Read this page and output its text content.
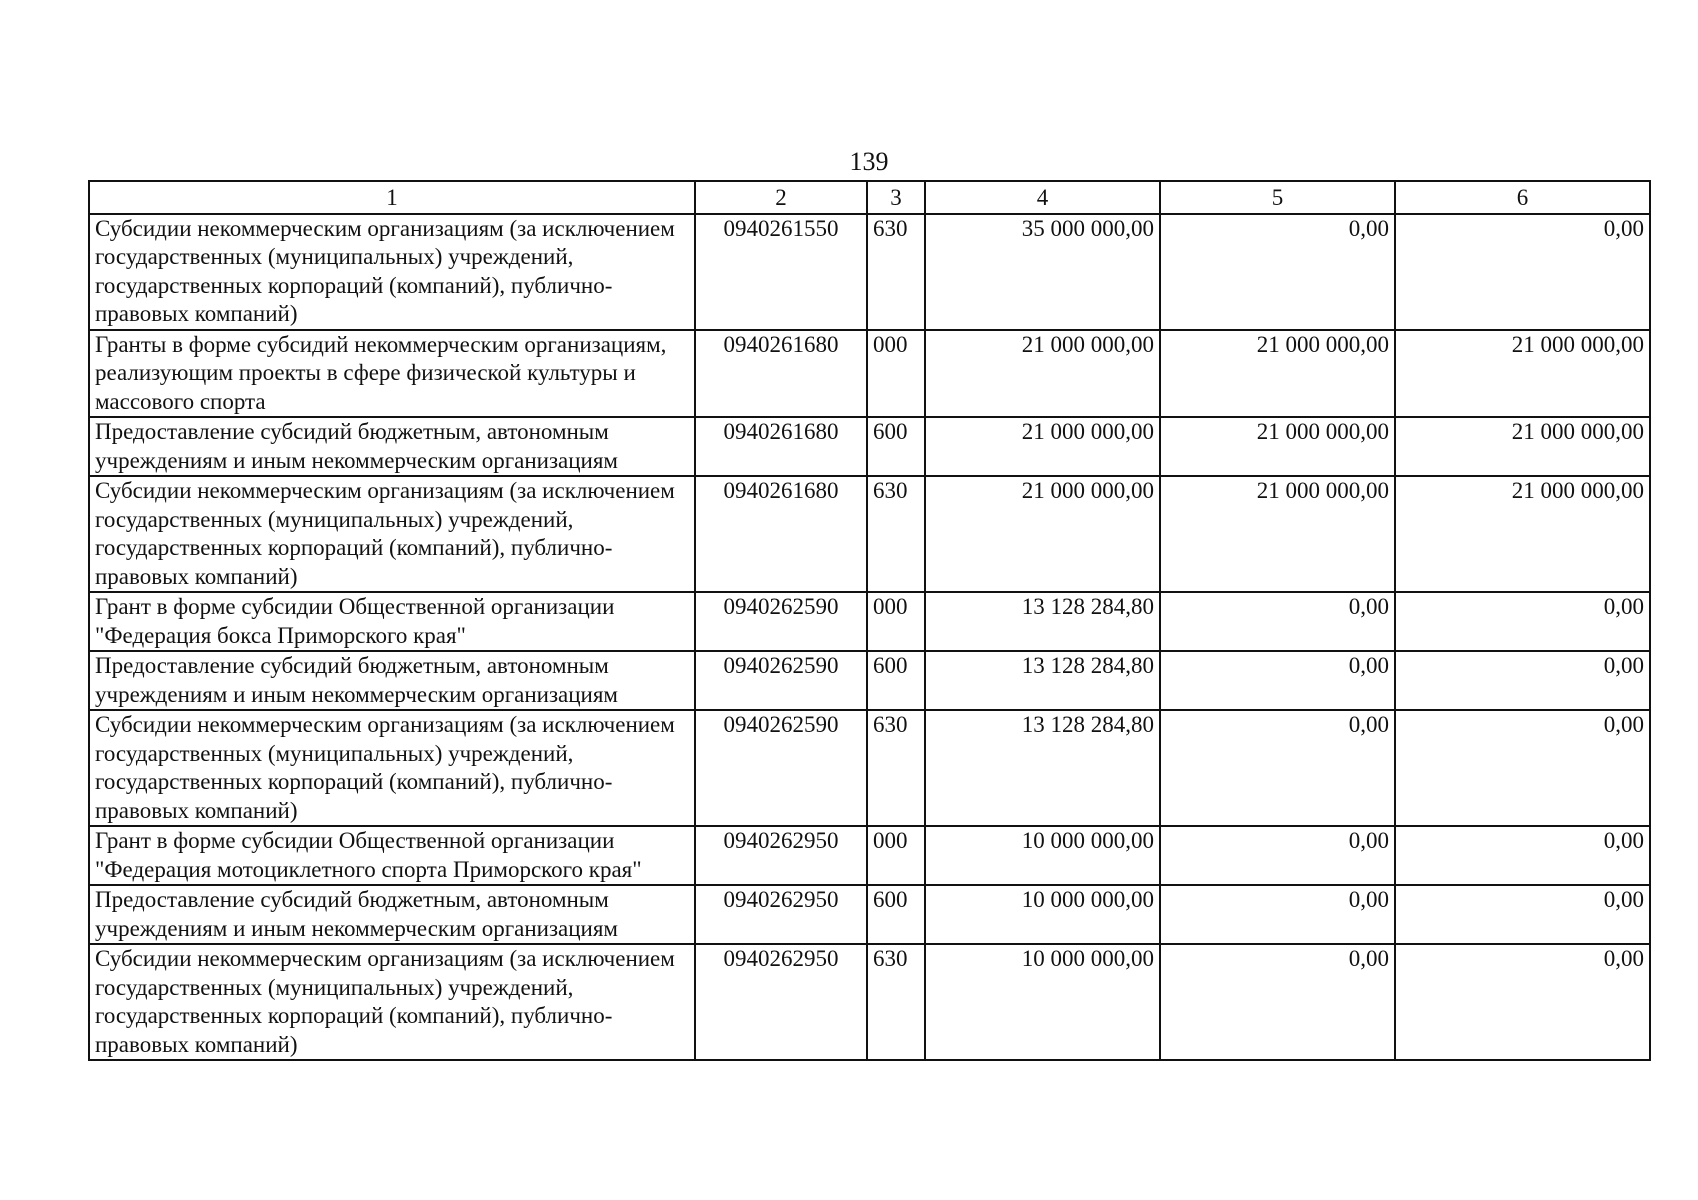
139
1	2	3	4	5	6
Субсидии некоммерческим организациям (за исключением государственных (муниципальных) учреждений, государственных корпораций (компаний), публично-правовых компаний)	0940261550	630	35 000 000,00	0,00	0,00
Гранты в форме субсидий некоммерческим организациям, реализующим проекты в сфере физической культуры и массового спорта	0940261680	000	21 000 000,00	21 000 000,00	21 000 000,00
Предоставление субсидий бюджетным, автономным учреждениям и иным некоммерческим организациям	0940261680	600	21 000 000,00	21 000 000,00	21 000 000,00
Субсидии некоммерческим организациям (за исключением государственных (муниципальных) учреждений, государственных корпораций (компаний), публично-правовых компаний)	0940261680	630	21 000 000,00	21 000 000,00	21 000 000,00
Грант в форме субсидии Общественной организации "Федерация бокса Приморского края"	0940262590	000	13 128 284,80	0,00	0,00
Предоставление субсидий бюджетным, автономным учреждениям и иным некоммерческим организациям	0940262590	600	13 128 284,80	0,00	0,00
Субсидии некоммерческим организациям (за исключением государственных (муниципальных) учреждений, государственных корпораций (компаний), публично-правовых компаний)	0940262590	630	13 128 284,80	0,00	0,00
Грант в форме субсидии Общественной организации "Федерация мотоциклетного спорта Приморского края"	0940262950	000	10 000 000,00	0,00	0,00
Предоставление субсидий бюджетным, автономным учреждениям и иным некоммерческим организациям	0940262950	600	10 000 000,00	0,00	0,00
Субсидии некоммерческим организациям (за исключением государственных (муниципальных) учреждений, государственных корпораций (компаний), публично-правовых компаний)	0940262950	630	10 000 000,00	0,00	0,00
